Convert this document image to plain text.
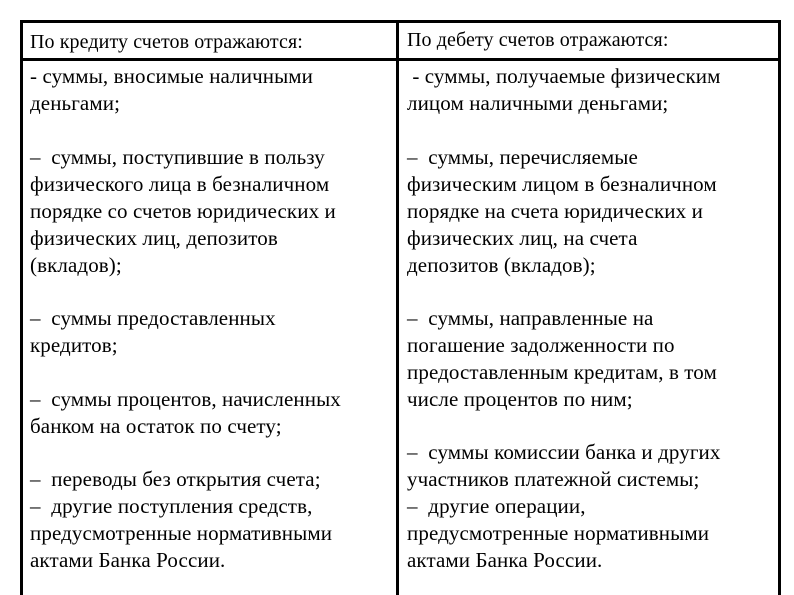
По кредиту счетов отражаются:	По дебету счетов отражаются:
- суммы, вносимые наличными
деньгами;
–  суммы, поступившие в пользу
физического лица в безналичном
порядке со счетов юридических и
физических лиц, депозитов
(вкладов);
–  суммы предоставленных
кредитов;
–  суммы процентов, начисленных
банком на остаток по счету;
–  переводы без открытия счета;
–  другие поступления средств,
предусмотренные нормативными
актами Банка России.
- суммы, получаемые физическим
лицом наличными деньгами;
–  суммы, перечисляемые
физическим лицом в безналичном
порядке на счета юридических и
физических лиц, на счета
депозитов (вкладов);
–  суммы, направленные на
погашение задолженности по
предоставленным кредитам, в том
числе процентов по ним;
–  суммы комиссии банка и других
участников платежной системы;
–  другие операции,
предусмотренные нормативными
актами Банка России.
